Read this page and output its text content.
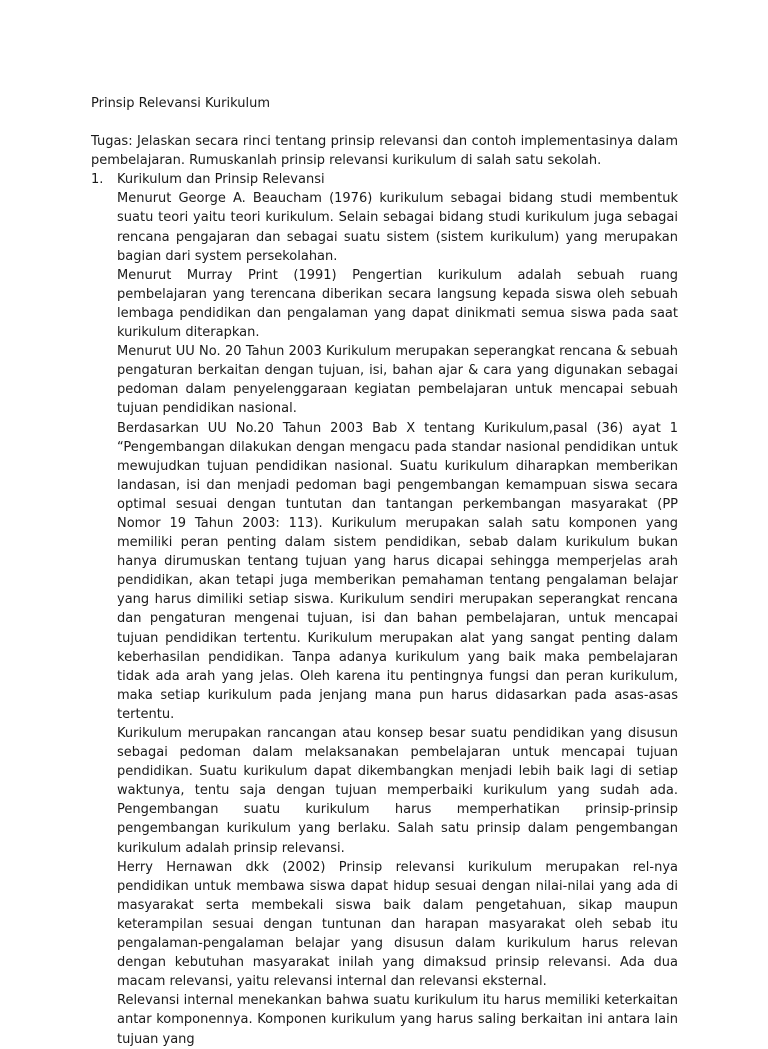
Prinsip Relevansi Kurikulum
Tugas: Jelaskan secara rinci tentang prinsip relevansi dan contoh implementasinya dalam pembelajaran. Rumuskanlah prinsip relevansi kurikulum di salah satu sekolah.
1. Kurikulum dan Prinsip Relevansi

Menurut George A. Beaucham (1976) kurikulum sebagai bidang studi membentuk suatu teori yaitu teori kurikulum. Selain sebagai bidang studi kurikulum juga sebagai rencana pengajaran dan sebagai suatu sistem (sistem kurikulum) yang merupakan bagian dari system persekolahan.

Menurut Murray Print (1991) Pengertian kurikulum adalah sebuah ruang pembelajaran yang terencana diberikan secara langsung kepada siswa oleh sebuah lembaga pendidikan dan pengalaman yang dapat dinikmati semua siswa pada saat kurikulum diterapkan.

Menurut UU No. 20 Tahun 2003 Kurikulum merupakan seperangkat rencana & sebuah pengaturan berkaitan dengan tujuan, isi, bahan ajar & cara yang digunakan sebagai pedoman dalam penyelenggaraan kegiatan pembelajaran untuk mencapai sebuah tujuan pendidikan nasional.

Berdasarkan UU No.20 Tahun 2003 Bab X tentang Kurikulum,pasal (36) ayat 1 “Pengembangan dilakukan dengan mengacu pada standar nasional pendidikan untuk mewujudkan tujuan pendidikan nasional. Suatu kurikulum diharapkan memberikan landasan, isi dan menjadi pedoman bagi pengembangan kemampuan siswa secara optimal sesuai dengan tuntutan dan tantangan perkembangan masyarakat (PP Nomor 19 Tahun 2003: 113). Kurikulum merupakan salah satu komponen yang memiliki peran penting dalam sistem pendidikan, sebab dalam kurikulum bukan hanya dirumuskan tentang tujuan yang harus dicapai sehingga memperjelas arah pendidikan, akan tetapi juga memberikan pemahaman tentang pengalaman belajar yang harus dimiliki setiap siswa. Kurikulum sendiri merupakan seperangkat rencana dan pengaturan mengenai tujuan, isi dan bahan pembelajaran, untuk mencapai tujuan pendidikan tertentu. Kurikulum merupakan alat yang sangat penting dalam keberhasilan pendidikan. Tanpa adanya kurikulum yang baik maka pembelajaran tidak ada arah yang jelas. Oleh karena itu pentingnya fungsi dan peran kurikulum, maka setiap kurikulum pada jenjang mana pun harus didasarkan pada asas-asas tertentu.

Kurikulum merupakan rancangan atau konsep besar suatu pendidikan yang disusun sebagai pedoman dalam melaksanakan pembelajaran untuk mencapai tujuan pendidikan. Suatu kurikulum dapat dikembangkan menjadi lebih baik lagi di setiap waktunya, tentu saja dengan tujuan memperbaiki kurikulum yang sudah ada. Pengembangan suatu kurikulum harus memperhatikan prinsip-prinsip pengembangan kurikulum yang berlaku. Salah satu prinsip dalam pengembangan kurikulum adalah prinsip relevansi.

Herry Hernawan dkk (2002) Prinsip relevansi kurikulum merupakan rel-nya pendidikan untuk membawa siswa dapat hidup sesuai dengan nilai-nilai yang ada di masyarakat serta membekali siswa baik dalam pengetahuan, sikap maupun keterampilan sesuai dengan tuntunan dan harapan masyarakat oleh sebab itu pengalaman-pengalaman belajar yang disusun dalam kurikulum harus relevan dengan kebutuhan masyarakat inilah yang dimaksud prinsip relevansi. Ada dua macam relevansi, yaitu relevansi internal dan relevansi eksternal.

Relevansi internal menekankan bahwa suatu kurikulum itu harus memiliki keterkaitan antar komponennya. Komponen kurikulum yang harus saling berkaitan ini antara lain tujuan yang
